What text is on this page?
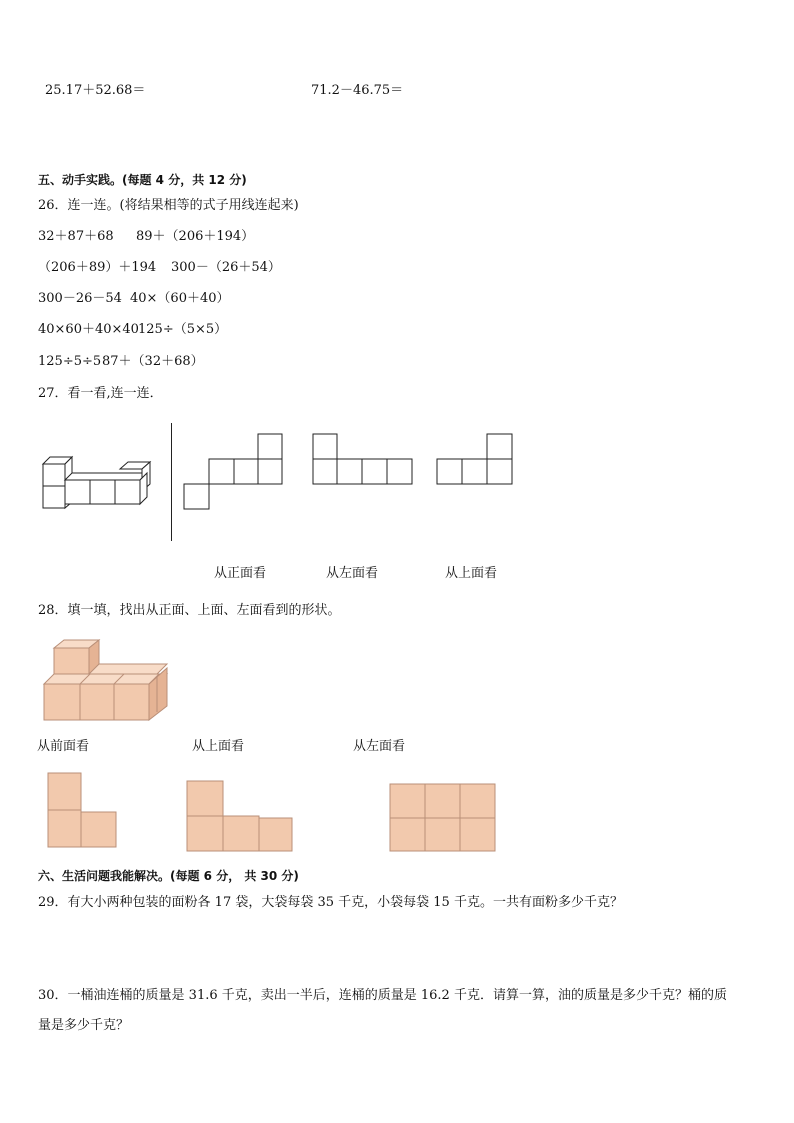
25.17＋52.68＝	71.2－46.75＝
五、动手实践。(每题 4 分，共 12 分)
26．连一连。(将结果相等的式子用线连起来)
32＋87＋68 89＋（206＋194）
（206＋89）＋194 300－（26＋54）
300－26－54 40×（60＋40）
40×60＋40×40 125÷（5×5）
125÷5÷5 87＋（32＋68）
27．看一看,连一连．
从正面看	从左面看	从上面看
28．填一填，找出从正面、上面、左面看到的形状。
从前面看	从上面看	从左面看
六、生活问题我能解决。(每题 6 分， 共 30 分)
29．有大小两种包装的面粉各 17 袋，大袋每袋 35 千克，小袋每袋 15 千克。一共有面粉多少千克？
30．一桶油连桶的质量是 31.6 千克，卖出一半后，连桶的质量是 16.2 千克．请算一算，油的质量是多少千克？桶的质
量是多少千克？
